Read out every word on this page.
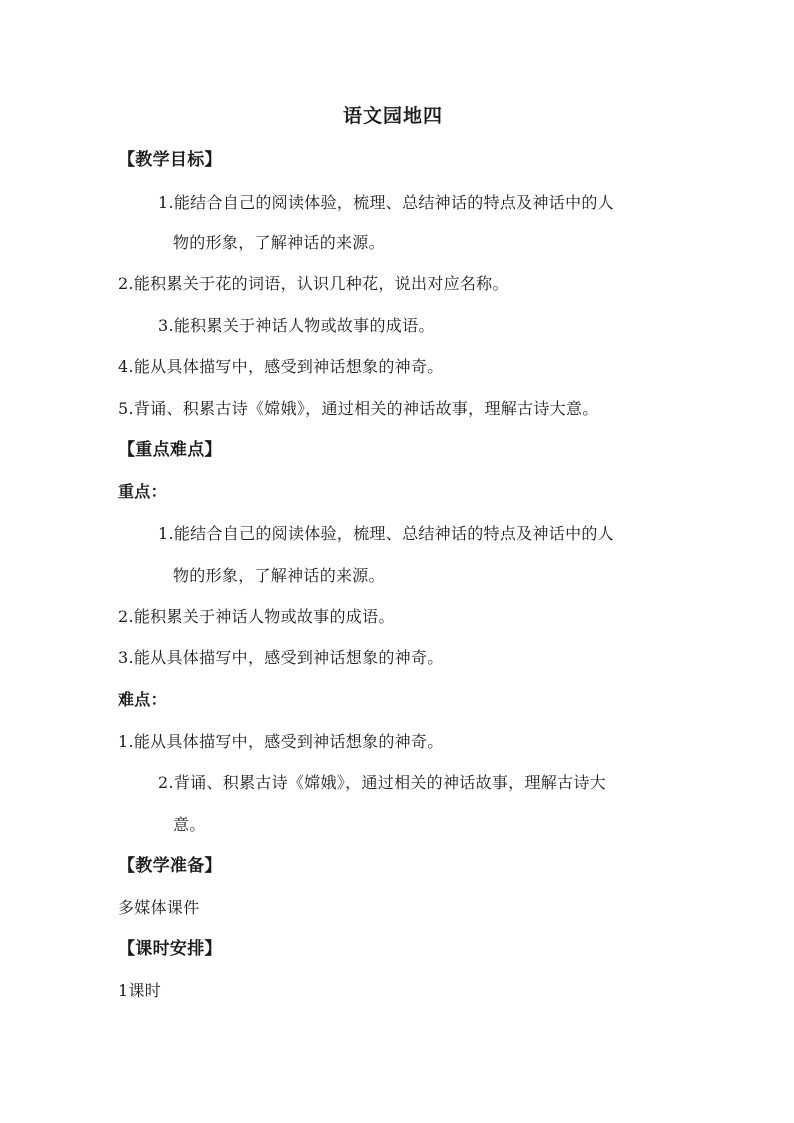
语文园地四
【教学目标】
1.能结合自己的阅读体验，梳理、总结神话的特点及神话中的人
物的形象，了解神话的来源。
2.能积累关于花的词语，认识几种花，说出对应名称。
3.能积累关于神话人物或故事的成语。
4.能从具体描写中，感受到神话想象的神奇。
5.背诵、积累古诗《嫦娥》，通过相关的神话故事，理解古诗大意。
【重点难点】
重点：
1.能结合自己的阅读体验，梳理、总结神话的特点及神话中的人
物的形象，了解神话的来源。
2.能积累关于神话人物或故事的成语。
3.能从具体描写中，感受到神话想象的神奇。
难点：
1.能从具体描写中，感受到神话想象的神奇。
2.背诵、积累古诗《嫦娥》，通过相关的神话故事，理解古诗大
意。
【教学准备】
多媒体课件
【课时安排】
1课时
